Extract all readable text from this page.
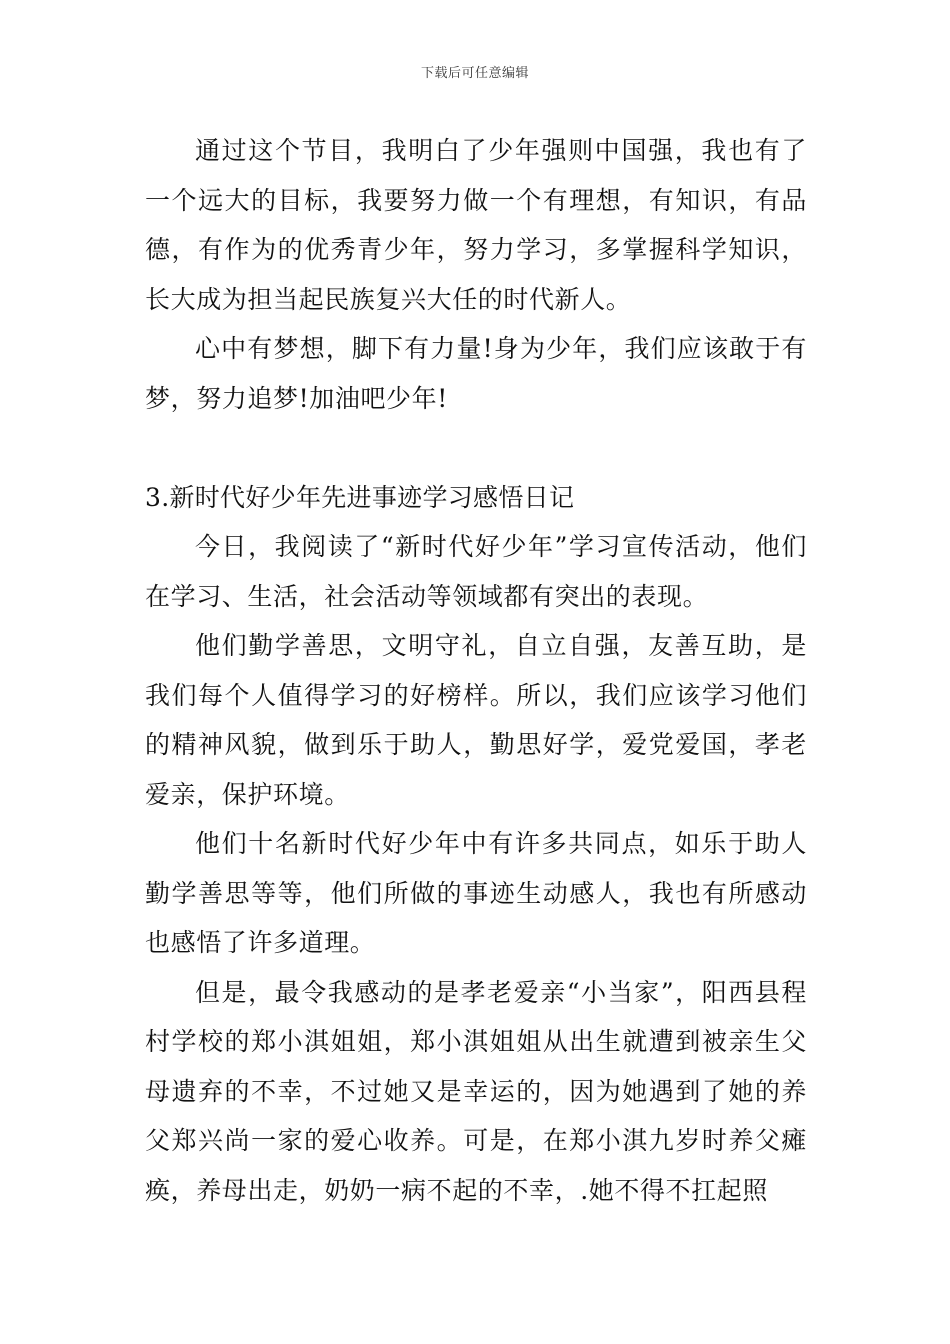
下载后可任意编辑

通过这个节目，我明白了少年强则中国强，我也有了一个远大的目标，我要努力做一个有理想，有知识，有品德，有作为的优秀青少年，努力学习，多掌握科学知识，长大成为担当起民族复兴大任的时代新人。

心中有梦想，脚下有力量!身为少年，我们应该敢于有梦，努力追梦!加油吧少年!

3.新时代好少年先进事迹学习感悟日记

今日，我阅读了“新时代好少年”学习宣传活动，他们在学习、生活，社会活动等领域都有突出的表现。

他们勤学善思，文明守礼，自立自强，友善互助，是我们每个人值得学习的好榜样。所以，我们应该学习他们的精神风貌，做到乐于助人，勤思好学，爱党爱国，孝老爱亲，保护环境。

他们十名新时代好少年中有许多共同点，如乐于助人勤学善思等等，他们所做的事迹生动感人，我也有所感动也感悟了许多道理。

但是，最令我感动的是孝老爱亲“小当家”，阳西县程村学校的郑小淇姐姐，郑小淇姐姐从出生就遭到被亲生父母遗弃的不幸，不过她又是幸运的，因为她遇到了她的养父郑兴尚一家的爱心收养。可是，在郑小淇九岁时养父瘫痪，养母出走，奶奶一病不起的不幸，.她不得不扛起照
